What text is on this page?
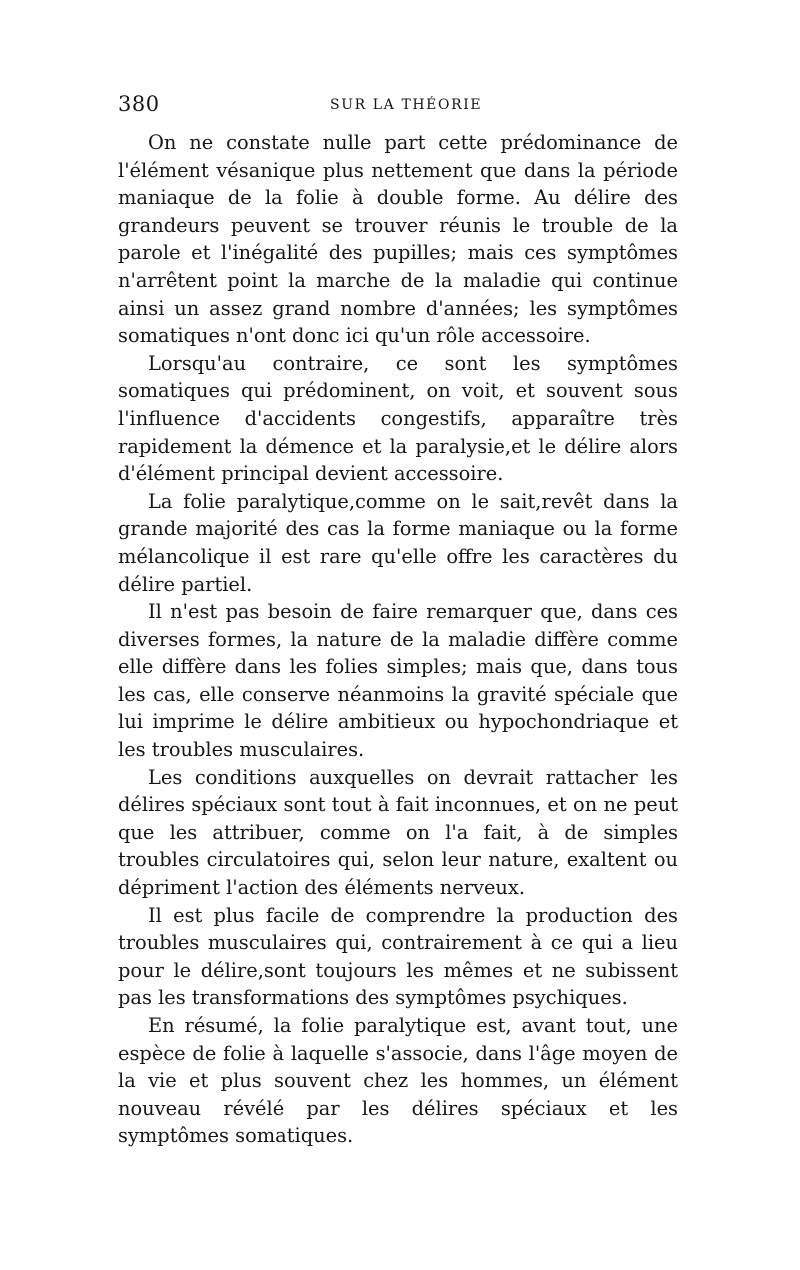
380	SUR LA THÉORIE

On ne constate nulle part cette prédominance de l'élément vésanique plus nettement que dans la période maniaque de la folie à double forme. Au délire des grandeurs peuvent se trouver réunis le trouble de la parole et l'inégalité des pupilles; mais ces symptômes n'arrêtent point la marche de la maladie qui continue ainsi un assez grand nombre d'années; les symptômes somatiques n'ont donc ici qu'un rôle accessoire.

Lorsqu'au contraire, ce sont les symptômes somatiques qui prédominent, on voit, et souvent sous l'influence d'accidents congestifs, apparaître très rapidement la démence et la paralysie,et le délire alors d'élément principal devient accessoire.

La folie paralytique,comme on le sait,revêt dans la grande majorité des cas la forme maniaque ou la forme mélancolique il est rare qu'elle offre les caractères du délire partiel.

Il n'est pas besoin de faire remarquer que, dans ces diverses formes, la nature de la maladie diffère comme elle diffère dans les folies simples; mais que, dans tous les cas, elle conserve néanmoins la gravité spéciale que lui imprime le délire ambitieux ou hypochondriaque et les troubles musculaires.

Les conditions auxquelles on devrait rattacher les délires spéciaux sont tout à fait inconnues, et on ne peut que les attribuer, comme on l'a fait, à de simples troubles circulatoires qui, selon leur nature, exaltent ou dépriment l'action des éléments nerveux.

Il est plus facile de comprendre la production des troubles musculaires qui, contrairement à ce qui a lieu pour le délire,sont toujours les mêmes et ne subissent pas les transformations des symptômes psychiques.

En résumé, la folie paralytique est, avant tout, une espèce de folie à laquelle s'associe, dans l'âge moyen de la vie et plus souvent chez les hommes, un élément nouveau révélé par les délires spéciaux et les symptômes somatiques.
